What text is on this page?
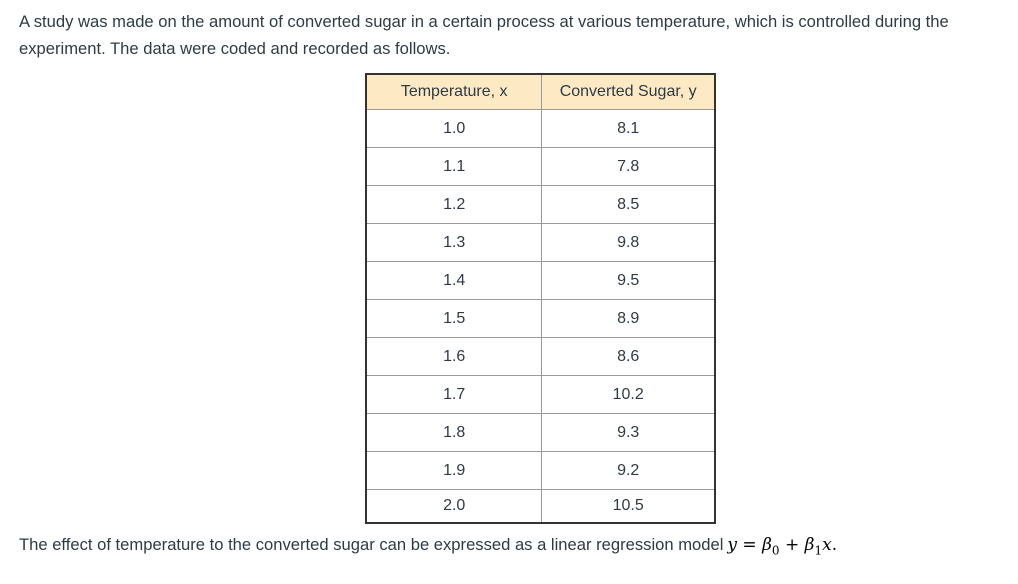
A study was made on the amount of converted sugar in a certain process at various temperature, which is controlled during the experiment. The data were coded and recorded as follows.

Temperature, x	Converted Sugar, y
1.0	8.1
1.1	7.8
1.2	8.5
1.3	9.8
1.4	9.5
1.5	8.9
1.6	8.6
1.7	10.2
1.8	9.3
1.9	9.2
2.0	10.5

The effect of temperature to the converted sugar can be expressed as a linear regression model $y = \beta_0 + \beta_1x$.
